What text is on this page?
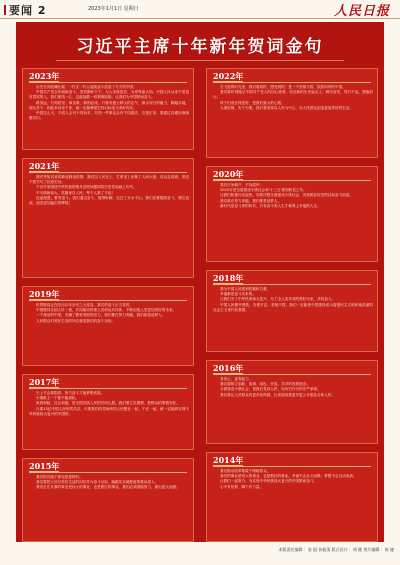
要闻 2	2023年1月1日 星期日	人民日报
习近平主席十年新年贺词金句
2023年

历史长河波澜壮阔，一代又一代人接续奋斗创造了今天的中国。

中国共产党百年砥砺奋斗，坚持胸怀天下，为人类谋进步、为世界谋大同。中国人民从来不是畏首畏尾的人，我们团结一心，定能战胜一切艰难险阻，让我们为中国梦而奋斗。

路虽远，行则将至；事虽难，做则必成。只要有愚公移山的志气、滴水穿石的毅力，脚踏实地，埋头苦干，积跬步以至千里，就一定能够把宏伟目标变为美好现实。

中国这么大，不同人会有不同诉求，对同一件事也会有不同看法，这很正常。要通过沟通协商凝聚共识。

2021年

面对突如其来的新冠肺炎疫情，我们以人民至上、生命至上诠释了人间大爱，用众志成城、坚忍不拔书写了抗疫史诗。

千百年来困扰中华民族的绝对贫困问题即将历史性地画上句号。

平凡铸就伟大，英雄来自人民。每个人都了不起！

征途漫漫，惟有奋斗。我们通过奋斗，披荆斩棘，走过了万水千山。我们还要继续奋斗，勇往直前，创造更加灿烂的辉煌！

2019年

世界格局正在经历百年未有之大变局，我们的奋斗正当其时。

中国愿同各国人民一道，共同推动构建人类命运共同体，不断创造人类更加美好的未来。

一个流动的中国，充满了繁荣发展的活力。我们都在努力奔跑，我们都是追梦人。

人民群众对美好生活的向往就是我们的奋斗目标。

2017年

天上不会掉馅饼，努力奋斗才能梦想成真。

小康路上一个都不能掉队。

家庭和睦，社会和谐，是全国各族人民的共同心愿。我们要立足国情，把群众的事情办好。

只要13亿中国人民和衷共济，只要我们的党始终同人民想在一起、干在一起，就一定能够实现中华民族伟大复兴的中国梦。

2015年

我们的各级干部也是蛮拼的。

我们要把人民对美好生活的向往作为奋斗目标，踏踏实实地把改革推向深入。

我们正在从事的事业是伟大的事业，也是艰巨的事业。我们必须继续努力，做出更大贡献。

2022年

在飞逝的时光里，我们看到的，感受到的，是一个坚韧不拔、欣欣向荣的中国。

我们要时刻铭记中国共产党人的初心使命，站在新的历史起点上，踔厉奋发，笃行不怠，勇毅前行。

孩子们成长得更好，是我们最大的心愿。

大道至简，实干为要。我们要坚持以人民为中心，为人民群众创造更加美好的生活。

2020年

我们只争朝夕，不负韶华。

2020年是全面建成小康社会和'十三五'规划收官之年。

让我们积极行动起来，向着决胜全面建成小康社会、决战脱贫攻坚的目标奋力前进。

我们都在努力奔跑，我们都是追梦人。

新时代是奋斗者的时代，只有奋斗的人生才称得上幸福的人生。

2018年

我为中国人民感到骄傲和自豪。

幸福都是奋斗出来的。

让我们为了中华民族伟大复兴，为了全人类共同的美好未来，共同奋斗。

中国人民勤劳勇敢，自强不息，坚韧不拔。我们一定能把中国建设成为富强民主文明和谐美丽的社会主义现代化强国。

2016年

有信心，更有能力。

我们要树立创新、协调、绿色、开放、共享的发展理念。

全面建成小康社会，是我们党向人民、向历史作出的庄严承诺。

我们要让人民群众有更多获得感，让发展成果更多更公平惠及全体人民。

2014年

我们推动改革要敢于啃硬骨头。

我们的事业是伟大的事业，也是艰巨的事业。幸福不会从天而降，梦想不会自动成真。

让我们一起努力，为实现中华民族伟大复兴的中国梦而奋斗。

心中有信仰，脚下有力量。

本版责任编辑 ：张 挺 孙振清 版式设计 ：胡 健 图片编辑 ：陈 捷
